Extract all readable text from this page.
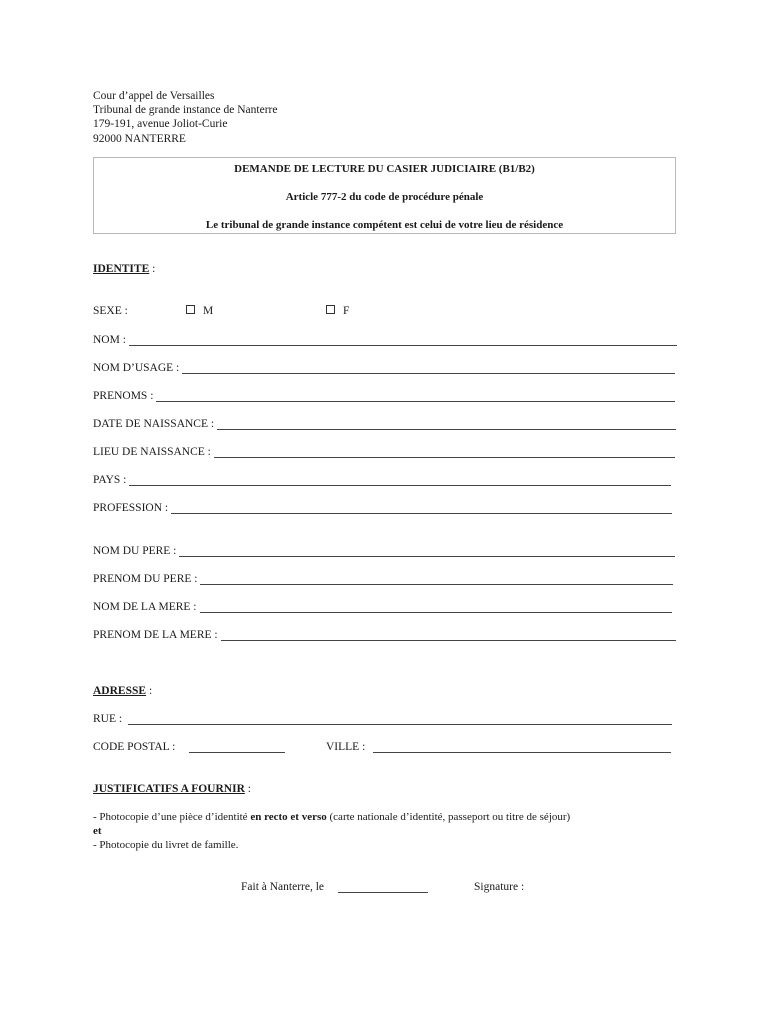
Cour d’appel de Versailles
Tribunal de grande instance de Nanterre
179-191, avenue Joliot-Curie
92000 NANTERRE
DEMANDE DE LECTURE DU CASIER JUDICIAIRE (B1/B2)
Article 777-2 du code de procédure pénale
Le tribunal de grande instance compétent est celui de votre lieu de résidence
IDENTITE :
SEXE :	M	F
NOM :
NOM D’USAGE :
PRENOMS :
DATE DE NAISSANCE :
LIEU DE NAISSANCE :
PAYS :
PROFESSION :
NOM DU PERE :
PRENOM DU PERE :
NOM DE LA MERE :
PRENOM DE LA MERE :
ADRESSE :
RUE :
CODE POSTAL :	VILLE :
JUSTIFICATIFS A FOURNIR :
- Photocopie d’une pièce d’identité en recto et verso (carte nationale d’identité, passeport ou titre de séjour)
et
- Photocopie du livret de famille.
Fait à Nanterre, le	Signature :
